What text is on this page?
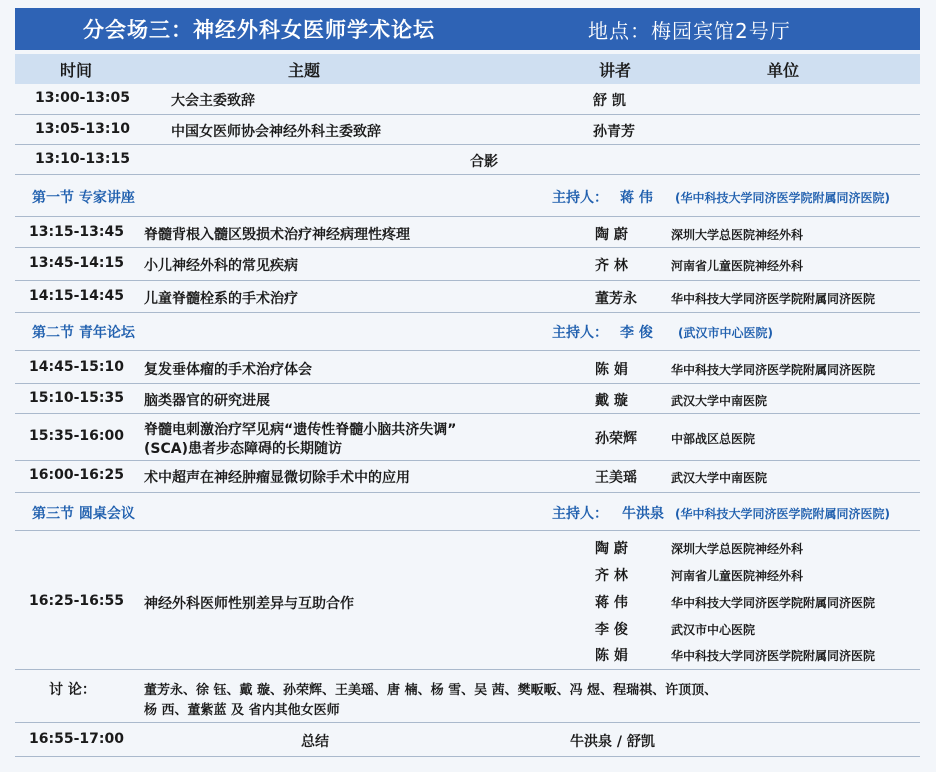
分会场三：神经外科女医师学术论坛	地点：梅园宾馆2号厅
时间	主题	讲者	单位
13:00-13:05	大会主委致辞	舒 凯
13:05-13:10	中国女医师协会神经外科主委致辞	孙青芳
13:10-13:15	合影
第一节 专家讲座	主持人： 蒋 伟 (华中科技大学同济医学院附属同济医院)
13:15-13:45 脊髓背根入髓区毁损术治疗神经病理性疼理	陶 蔚	深圳大学总医院神经外科
13:45-14:15 小儿神经外科的常见疾病	齐 林	河南省儿童医院神经外科
14:15-14:45 儿童脊髓栓系的手术治疗	董芳永	华中科技大学同济医学院附属同济医院
第二节 青年论坛	主持人： 李 俊 (武汉市中心医院)
14:45-15:10 复发垂体瘤的手术治疗体会	陈 娟	华中科技大学同济医学院附属同济医院
15:10-15:35 脑类器官的研究进展	戴 璇	武汉大学中南医院
15:35-16:00 脊髓电刺激治疗罕见病“遗传性脊髓小脑共济失调”
(SCA)患者步态障碍的长期随访
孙荣辉	中部战区总医院
16:00-16:25 术中超声在神经肿瘤显微切除手术中的应用	王美瑶	武汉大学中南医院
第三节 圆桌会议	主持人： 牛洪泉 (华中科技大学同济医学院附属同济医院)
16:25-16:55 神经外科医师性别差异与互助合作
陶 蔚	深圳大学总医院神经外科
齐 林	河南省儿童医院神经外科
蒋 伟	华中科技大学同济医学院附属同济医院
李 俊	武汉市中心医院
陈 娟	华中科技大学同济医学院附属同济医院
讨 论：	董芳永、徐 钰、戴 璇、孙荣辉、王美瑶、唐 楠、杨 雪、吴 茜、樊畈畈、冯 煜、程瑞祺、许顶顶、
杨 西、董紫蓝 及 省内其他女医师
16:55-17:00	总结	牛洪泉 / 舒凯
